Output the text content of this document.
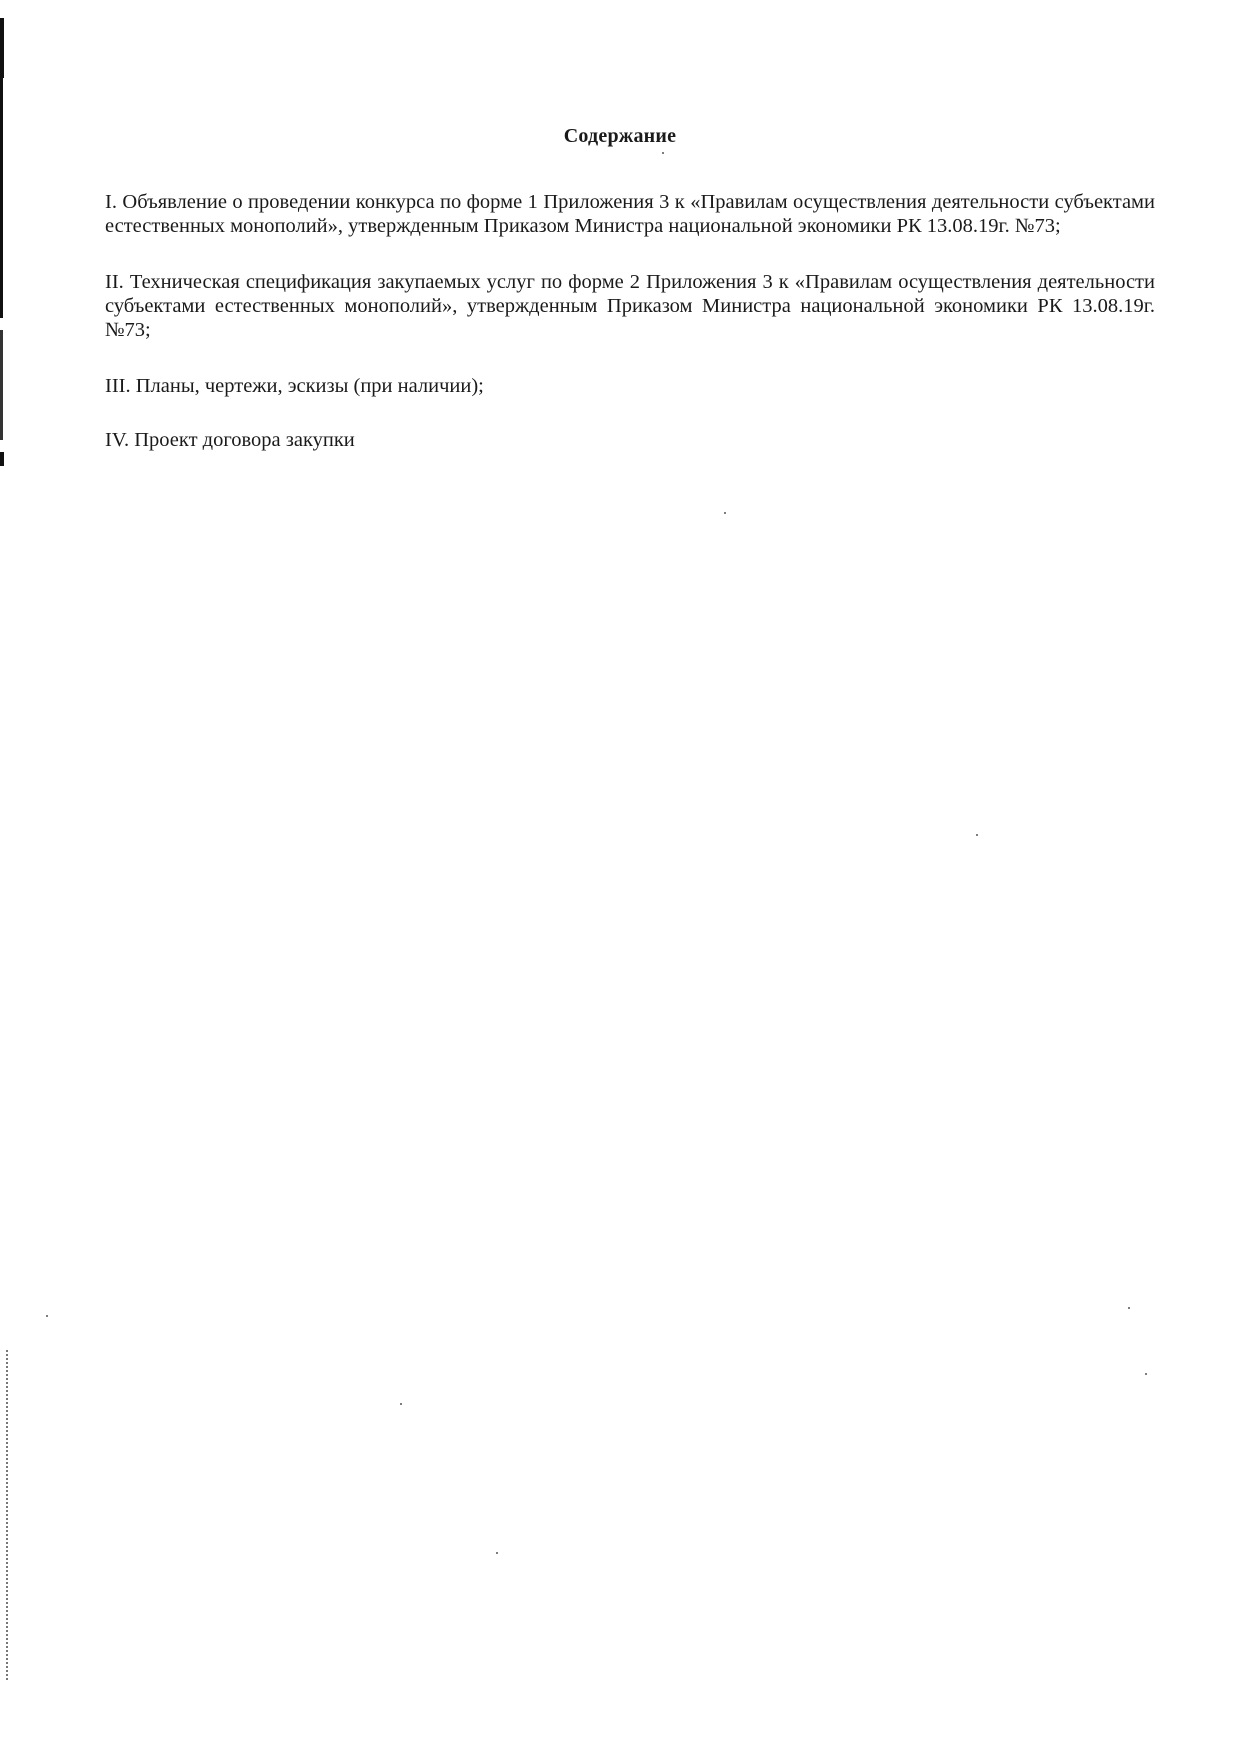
Содержание

I. Объявление о проведении конкурса по форме 1 Приложения 3 к «Правилам осуществления деятельности субъектами естественных монополий», утвержденным Приказом Министра национальной экономики РК 13.08.19г. №73;

II. Техническая спецификация закупаемых услуг по форме 2 Приложения 3 к «Правилам осуществления деятельности субъектами естественных монополий», утвержденным Приказом Министра национальной экономики РК 13.08.19г. №73;

III. Планы, чертежи, эскизы (при наличии);

IV. Проект договора закупки
